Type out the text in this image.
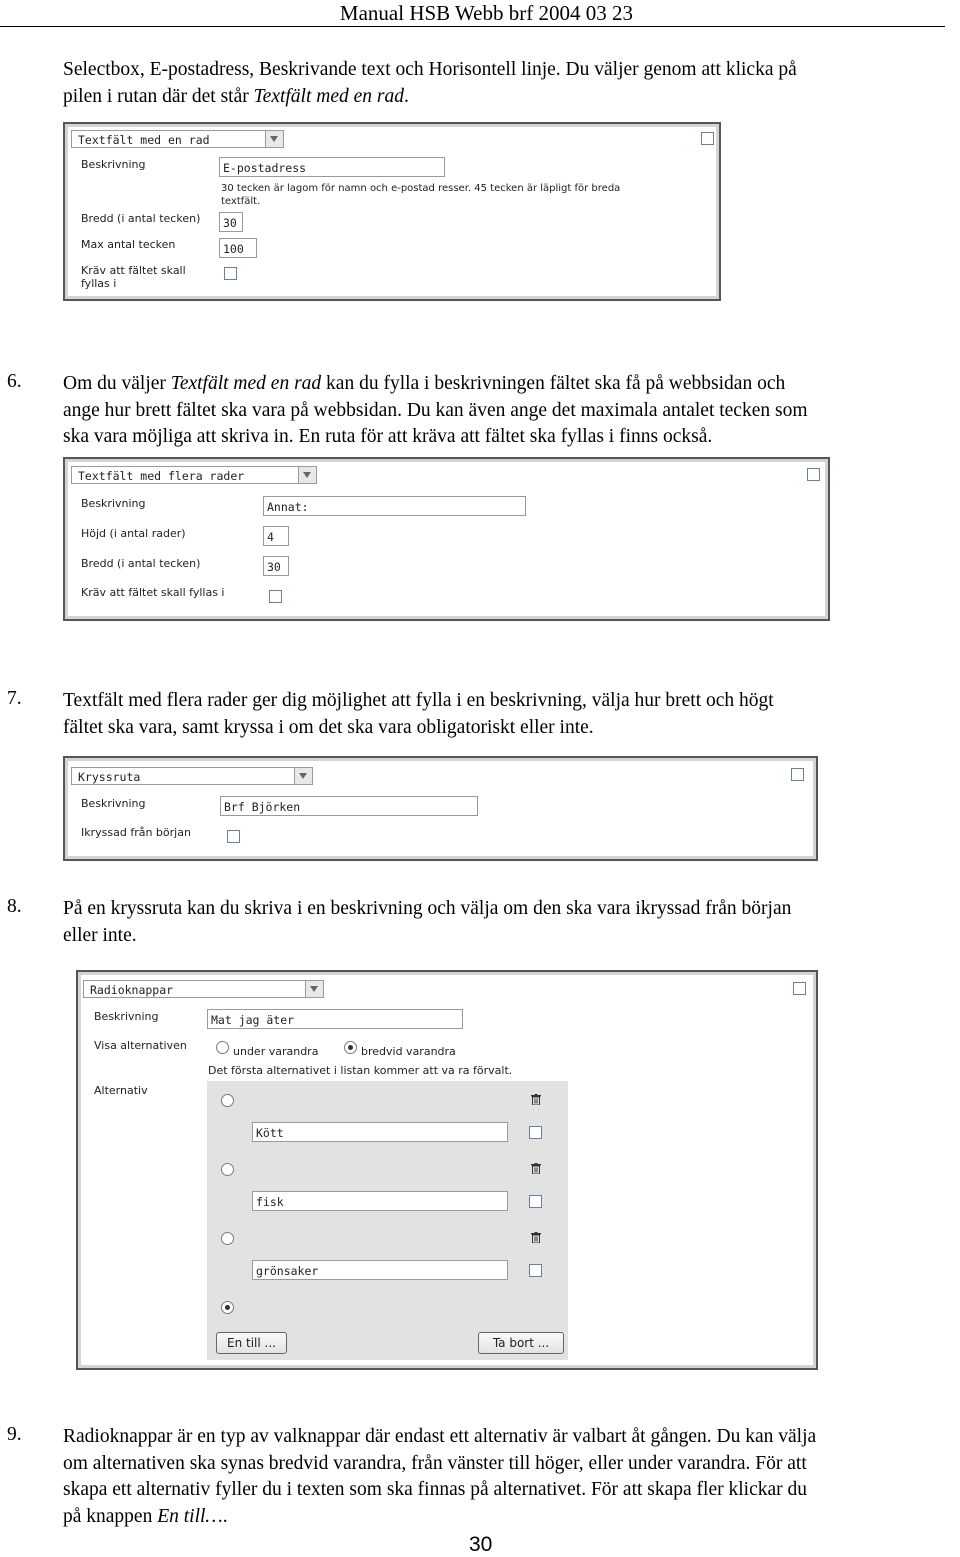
Manual HSB Webb brf 2004 03 23
Selectbox, E-postadress, Beskrivande text och Horisontell linje. Du väljer genom att klicka på
pilen i rutan där det står Textfält med en rad.
Textfält med en rad
Beskrivning	E-postadress
30 tecken är lagom för namn och e-postad resser. 45 tecken är läpligt för breda textfält.
Bredd (i antal tecken)	30
Max antal tecken	100
Kräv att fältet skall fyllas i
6. Om du väljer Textfält med en rad kan du fylla i beskrivningen fältet ska få på webbsidan och
ange hur brett fältet ska vara på webbsidan. Du kan även ange det maximala antalet tecken som
ska vara möjliga att skriva in. En ruta för att kräva att fältet ska fyllas i finns också.
Textfält med flera rader
Beskrivning	Annat:
Höjd (i antal rader)	4
Bredd (i antal tecken)	30
Kräv att fältet skall fyllas i
7. Textfält med flera rader ger dig möjlighet att fylla i en beskrivning, välja hur brett och högt
fältet ska vara, samt kryssa i om det ska vara obligatoriskt eller inte.
Kryssruta
Beskrivning	Brf Björken
Ikryssad från början
8. På en kryssruta kan du skriva i en beskrivning och välja om den ska vara ikryssad från början
eller inte.
Radioknappar
Beskrivning	Mat jag äter
Visa alternativen	under varandra	bredvid varandra
Det första alternativet i listan kommer att va ra förvalt.
Alternativ
Kött
fisk
grönsaker
En till ...	Ta bort ...
9. Radioknappar är en typ av valknappar där endast ett alternativ är valbart åt gången. Du kan välja
om alternativen ska synas bredvid varandra, från vänster till höger, eller under varandra. För att
skapa ett alternativ fyller du i texten som ska finnas på alternativet. För att skapa fler klickar du
på knappen En till….
30
